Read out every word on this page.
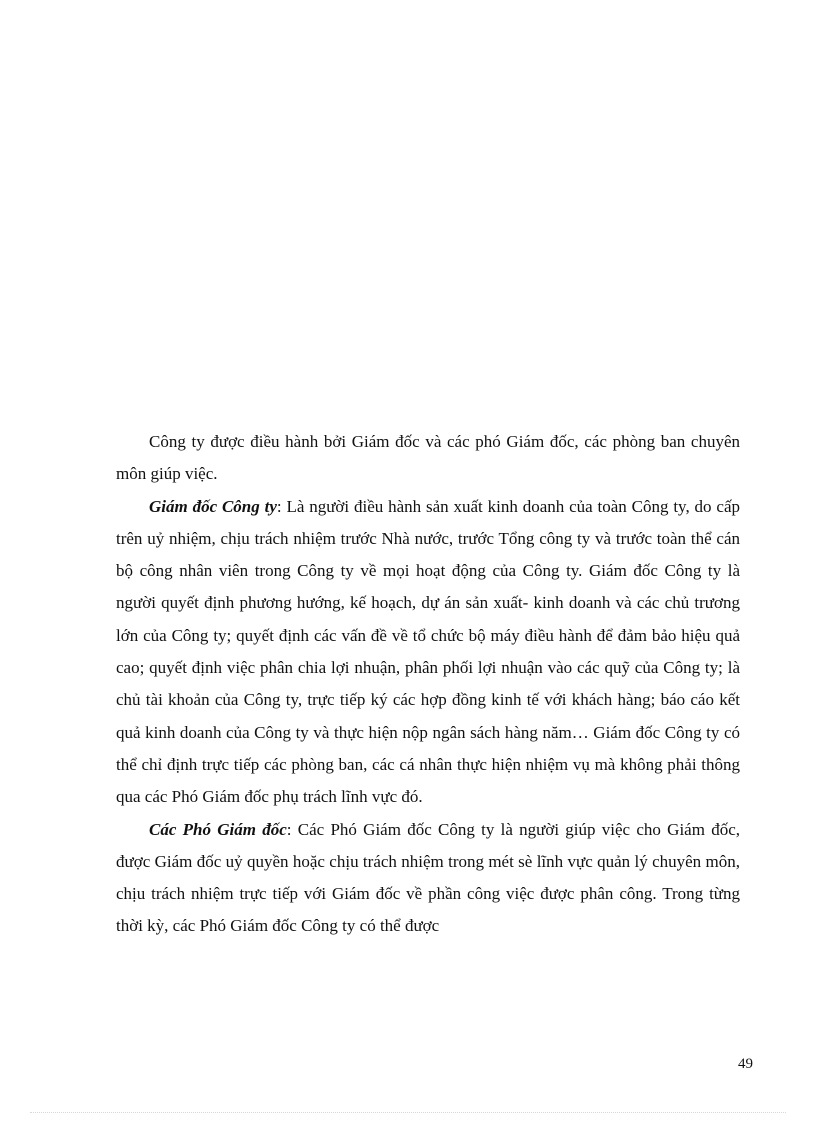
Công ty được điều hành bởi Giám đốc và các phó Giám đốc, các phòng ban chuyên môn giúp việc.

Giám đốc Công ty: Là người điều hành sản xuất kinh doanh của toàn Công ty, do cấp trên uỷ nhiệm, chịu trách nhiệm trước Nhà nước, trước Tổng công ty và trước toàn thể cán bộ công nhân viên trong Công ty về mọi hoạt động của Công ty. Giám đốc Công ty là người quyết định phương hướng, kế hoạch, dự án sản xuất- kinh doanh và các chủ trương lớn của Công ty; quyết định các vấn đề về tổ chức bộ máy điều hành để đảm bảo hiệu quả cao; quyết định việc phân chia lợi nhuận, phân phối lợi nhuận vào các quỹ của Công ty; là chủ tài khoản của Công ty, trực tiếp ký các hợp đồng kinh tế với khách hàng; báo cáo kết quả kinh doanh của Công ty và thực hiện nộp ngân sách hàng năm… Giám đốc Công ty có thể chỉ định trực tiếp các phòng ban, các cá nhân thực hiện nhiệm vụ mà không phải thông qua các Phó Giám đốc phụ trách lĩnh vực đó.

Các Phó Giám đốc: Các Phó Giám đốc Công ty là người giúp việc cho Giám đốc, được Giám đốc uỷ quyền hoặc chịu trách nhiệm trong mét sè lĩnh vực quản lý chuyên môn, chịu trách nhiệm trực tiếp với Giám đốc về phần công việc được phân công. Trong từng thời kỳ, các Phó Giám đốc Công ty có thể được

49
